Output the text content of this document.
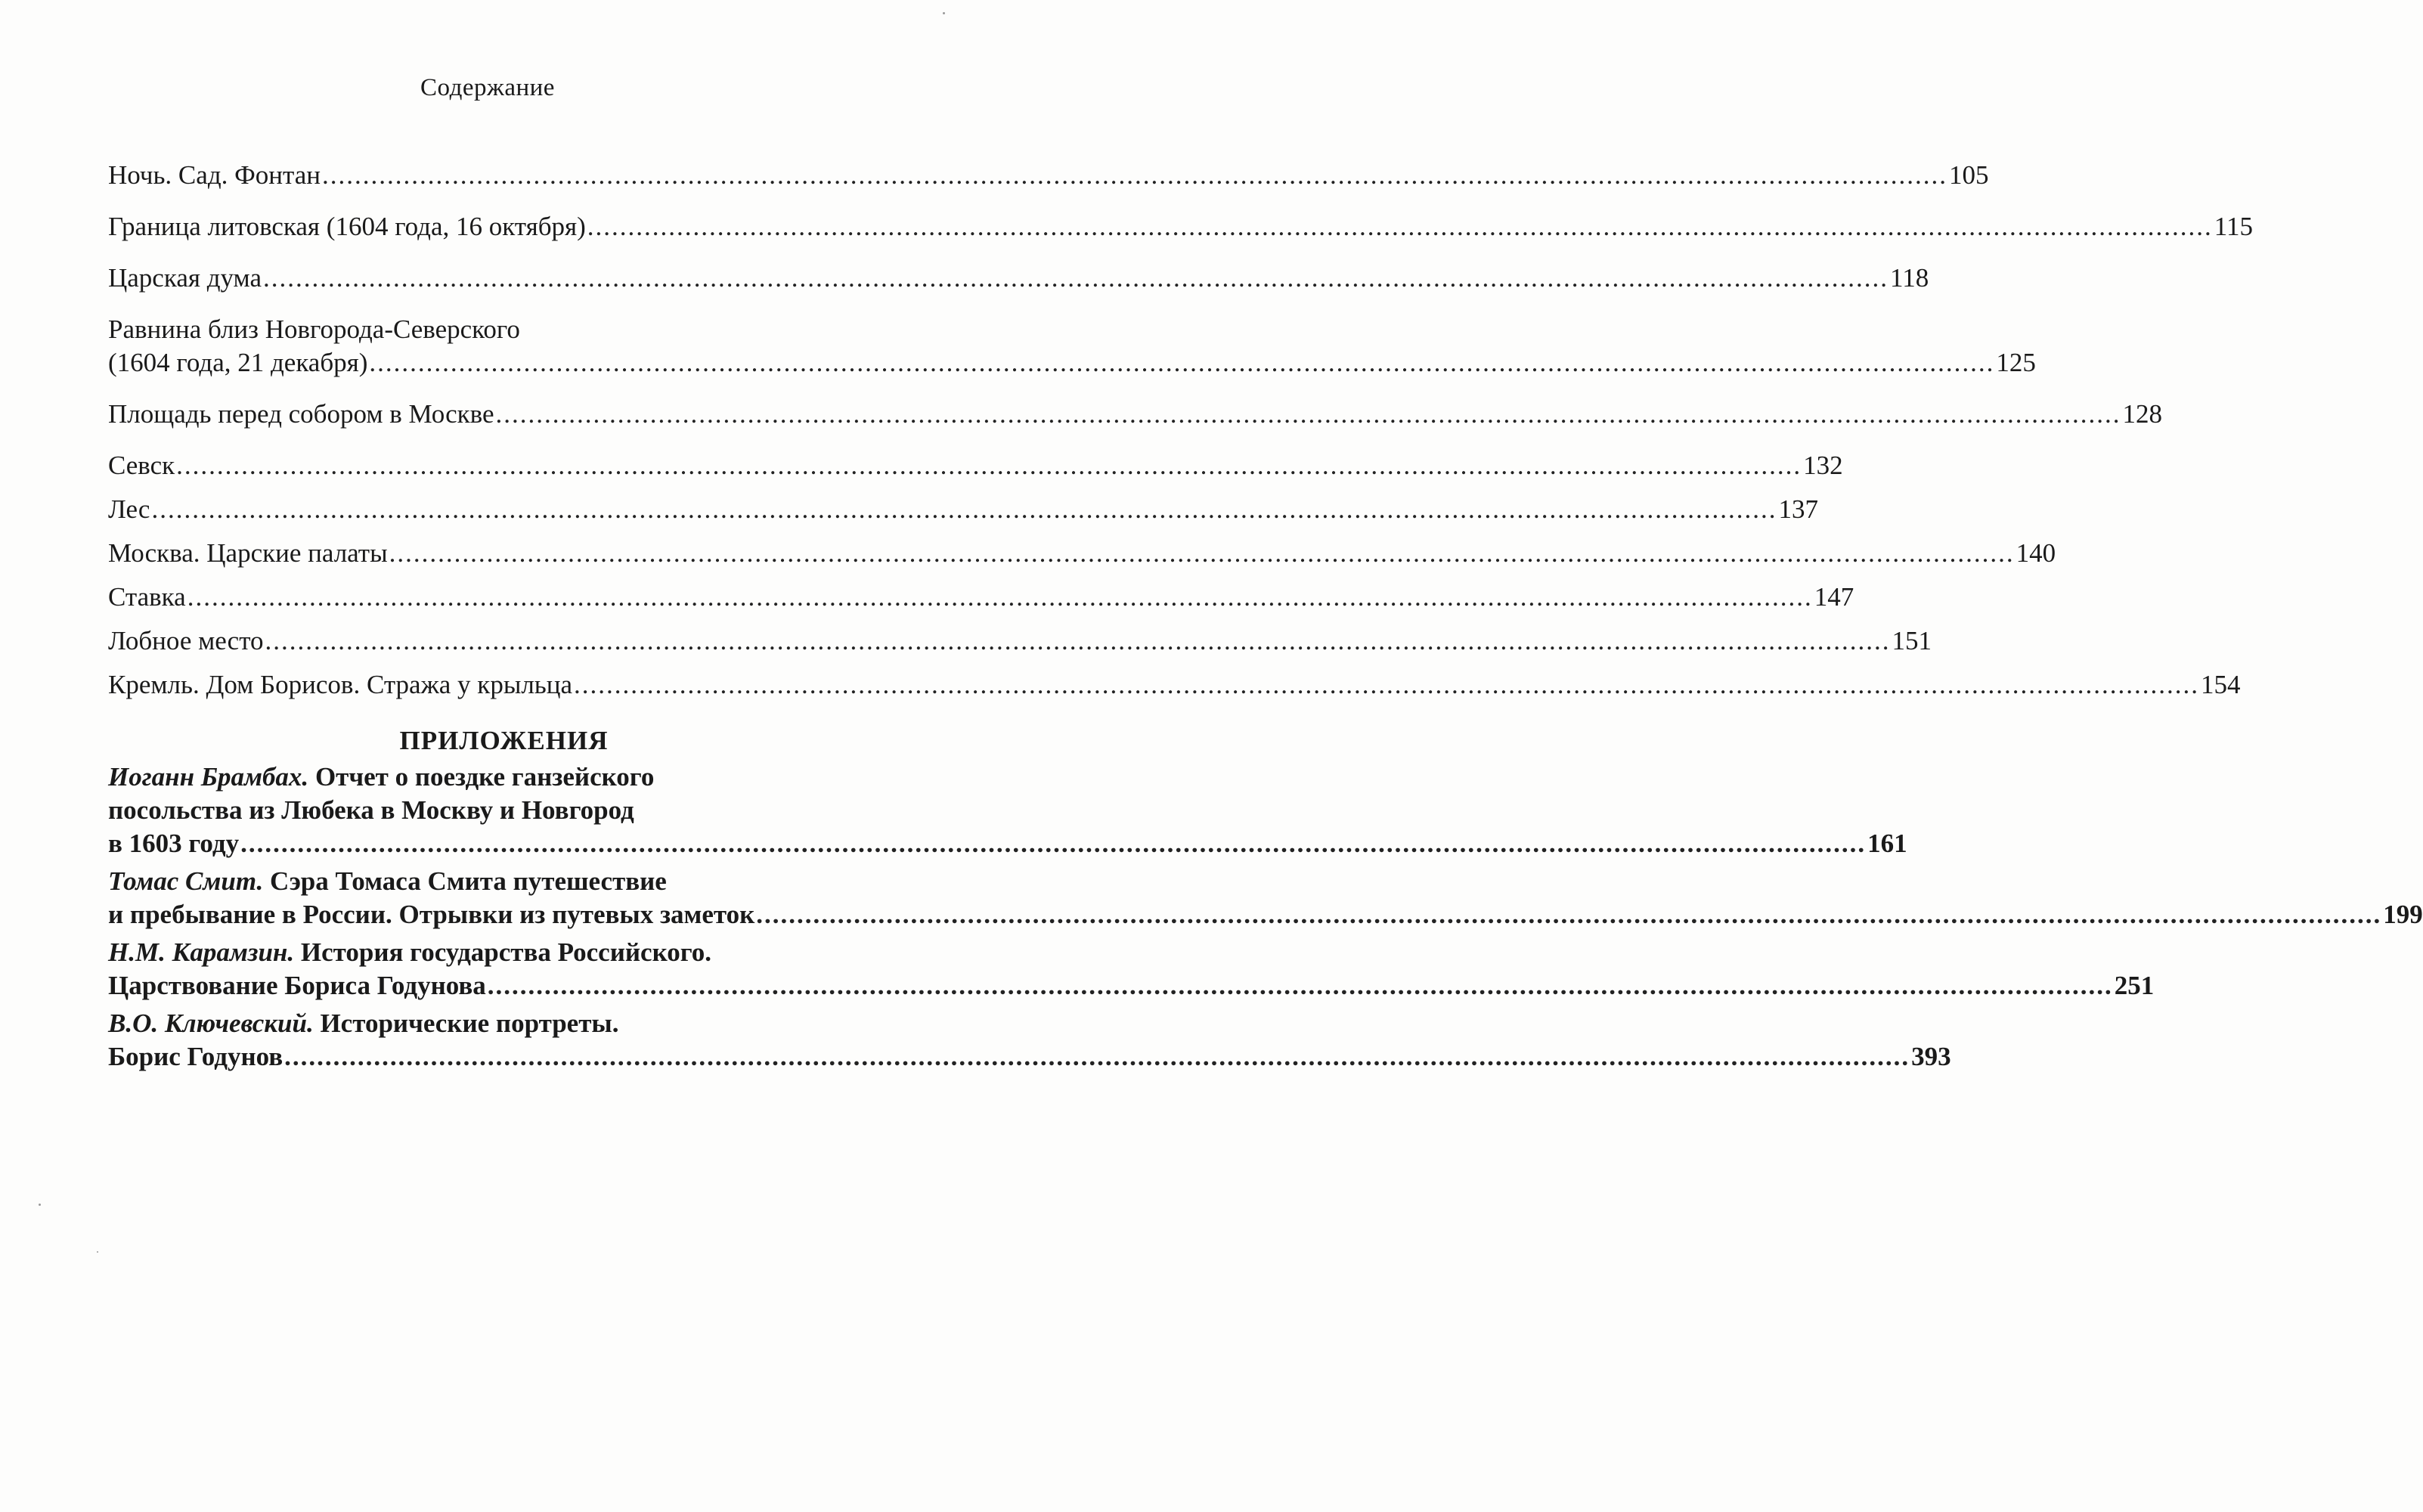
Содержание
Ночь. Сад. Фонтан ........................................................................................................................................................................................................ 105
Граница литовская (1604 года, 16 октября) ........................................................................................................................................................................................................ 115
Царская дума ........................................................................................................................................................................................................ 118
Равнина близ Новгорода-Северского
(1604 года, 21 декабря) ........................................................................................................................................................................................................ 125
Площадь перед собором в Москве ........................................................................................................................................................................................................ 128
Севск ........................................................................................................................................................................................................ 132
Лес ........................................................................................................................................................................................................ 137
Москва. Царские палаты ........................................................................................................................................................................................................ 140
Ставка ........................................................................................................................................................................................................ 147
Лобное место ........................................................................................................................................................................................................ 151
Кремль. Дом Борисов. Стража у крыльца ........................................................................................................................................................................................................ 154
ПРИЛОЖЕНИЯ
Иоганн Брамбах. Отчет о поездке ганзейского
посольства из Любека в Москву и Новгород
в 1603 году ........................................................................................................................................................................................................ 161
Томас Смит. Сэра Томаса Смита путешествие
и пребывание в России. Отрывки из путевых заметок ........................................................................................................................................................................................................ 199
Н.М. Карамзин. История государства Российского.
Царствование Бориса Годунова ........................................................................................................................................................................................................ 251
В.О. Ключевский. Исторические портреты.
Борис Годунов ........................................................................................................................................................................................................ 393
